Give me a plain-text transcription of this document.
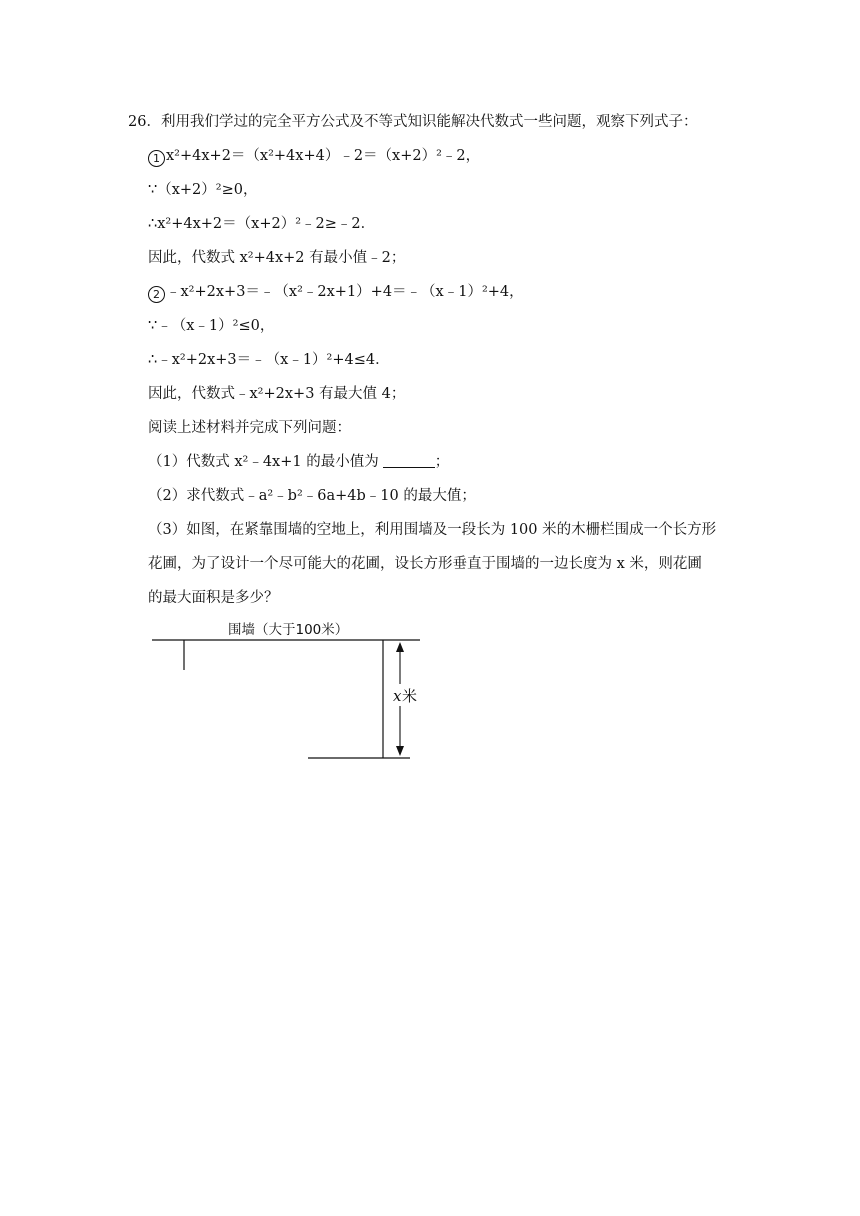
26．利用我们学过的完全平方公式及不等式知识能解决代数式一些问题，观察下列式子：
1 x²+4x+2＝（x²+4x+4）﹣2＝（x+2）²﹣2，
∵（x+2）²≥0，
∴x²+4x+2＝（x+2）²﹣2≥﹣2．
因此，代数式 x²+4x+2 有最小值﹣2；
2 ﹣x²+2x+3＝﹣（x²﹣2x+1）+4＝﹣（x﹣1）²+4，
∵﹣（x﹣1）²≤0，
∴﹣x²+2x+3＝﹣（x﹣1）²+4≤4．
因此，代数式﹣x²+2x+3 有最大值 4；
阅读上述材料并完成下列问题：
（1）代数式 x²﹣4x+1 的最小值为	；
（2）求代数式﹣a²﹣b²﹣6a+4b﹣10 的最大值；
（3）如图，在紧靠围墙的空地上，利用围墙及一段长为 100 米的木栅栏围成一个长方形
花圃，为了设计一个尽可能大的花圃，设长方形垂直于围墙的一边长度为 x 米，则花圃
的最大面积是多少？
围墙（大于100米）
x 米
